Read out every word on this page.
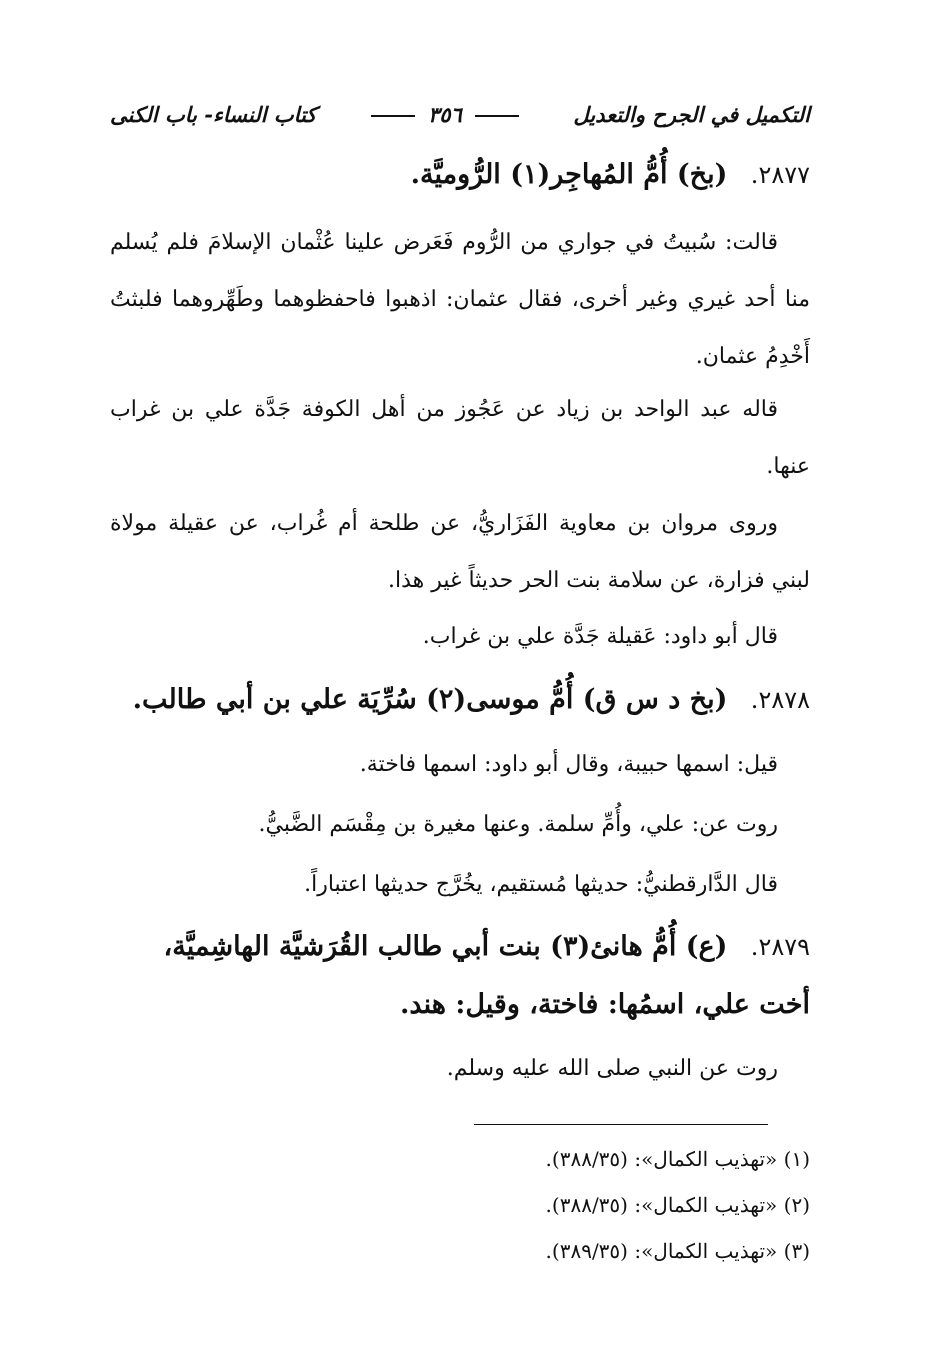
التكميل في الجرح والتعديل
٣٥٦
كتاب النساء- باب الكنى
٢٨٧٧. (بخ) أُمُّ المُهاجِر(١) الرُّوميَّة.
قالت: سُبيتُ في جواري من الرُّوم فَعَرض علينا عُثْمان الإسلامَ فلم يُسلم منا أحد غيري وغير أخرى، فقال عثمان: اذهبوا فاحفظوهما وطَهِّروهما فلبثتُ أَخْدِمُ عثمان.
قاله عبد الواحد بن زياد عن عَجُوز من أهل الكوفة جَدَّة علي بن غراب عنها.
وروى مروان بن معاوية الفَزَاريُّ، عن طلحة أم غُراب، عن عقيلة مولاة لبني فزارة، عن سلامة بنت الحر حديثاً غير هذا.
قال أبو داود: عَقيلة جَدَّة علي بن غراب.
٢٨٧٨. (بخ د س ق) أُمُّ موسى(٢) سُرِّيَة علي بن أبي طالب.
قيل: اسمها حبيبة، وقال أبو داود: اسمها فاختة.
روت عن: علي، وأُمِّ سلمة. وعنها مغيرة بن مِقْسَم الضَّبيُّ.
قال الدَّارقطنيُّ: حديثها مُستقيم، يخُرَّج حديثها اعتباراً.
٢٨٧٩. (ع) أُمُّ هانئ(٣) بنت أبي طالب القُرَشيَّة الهاشِميَّة، أخت علي، اسمُها: فاختة، وقيل: هند.
روت عن النبي صلى الله عليه وسلم.
(١) «تهذيب الكمال»: (٣٨٨/٣٥).
(٢) «تهذيب الكمال»: (٣٨٨/٣٥).
(٣) «تهذيب الكمال»: (٣٨٩/٣٥).
